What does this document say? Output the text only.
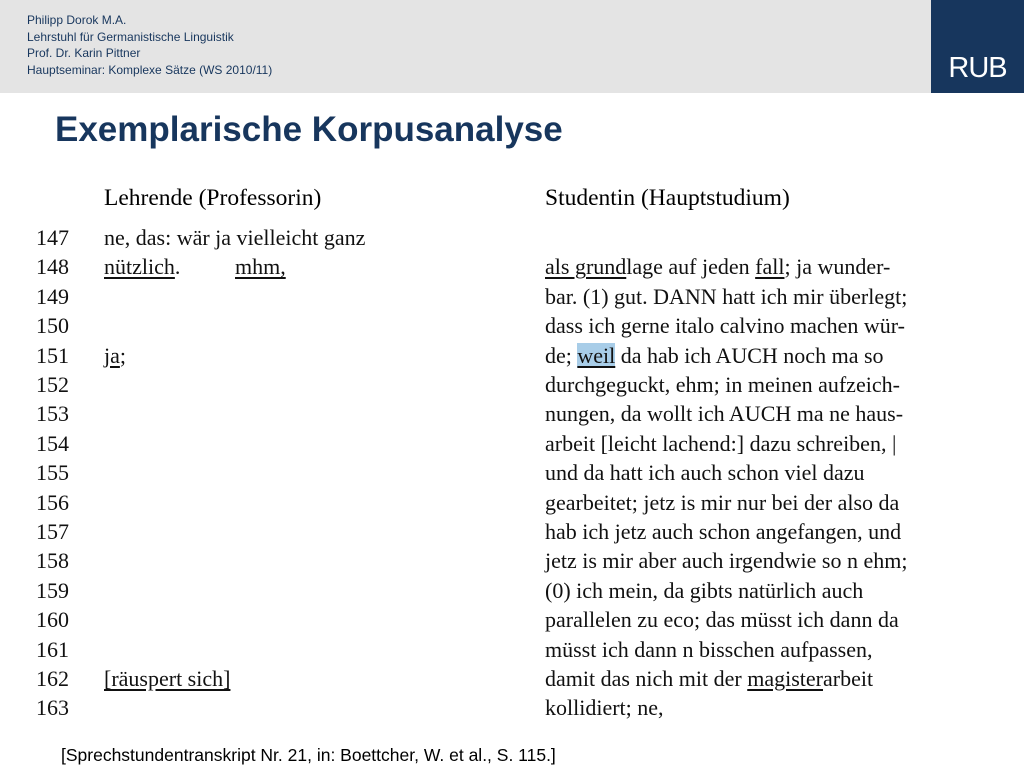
Philipp Dorok M.A.
Lehrstuhl für Germanistische Linguistik
Prof. Dr. Karin Pittner
Hauptseminar: Komplexe Sätze (WS 2010/11)	RUB
Exemplarische Korpusanalyse
Lehrende (Professorin)	Studentin (Hauptstudium)
147 ne, das: wär ja vielleicht ganz
148 nützlich. mhm,	als grundlage auf jeden fall; ja wunder-
149	bar. (1) gut. DANN hatt ich mir überlegt;
150	dass ich gerne italo calvino machen wür-
151 ja;	de; weil da hab ich AUCH noch ma so
152	durchgeguckt, ehm; in meinen aufzeich-
153	nungen, da wollt ich AUCH ma ne haus-
154	arbeit [leicht lachend:] dazu schreiben, |
155	und da hatt ich auch schon viel dazu
156	gearbeitet; jetz is mir nur bei der also da
157	hab ich jetz auch schon angefangen, und
158	jetz is mir aber auch irgendwie so n ehm;
159	(0) ich mein, da gibts natürlich auch
160	parallelen zu eco; das müsst ich dann da
161	müsst ich dann n bisschen aufpassen,
162 [räuspert sich]	damit das nich mit der magisterarbeit
163	kollidiert; ne,
[Sprechstundentranskript Nr. 21, in: Boettcher, W. et al., S. 115.]
